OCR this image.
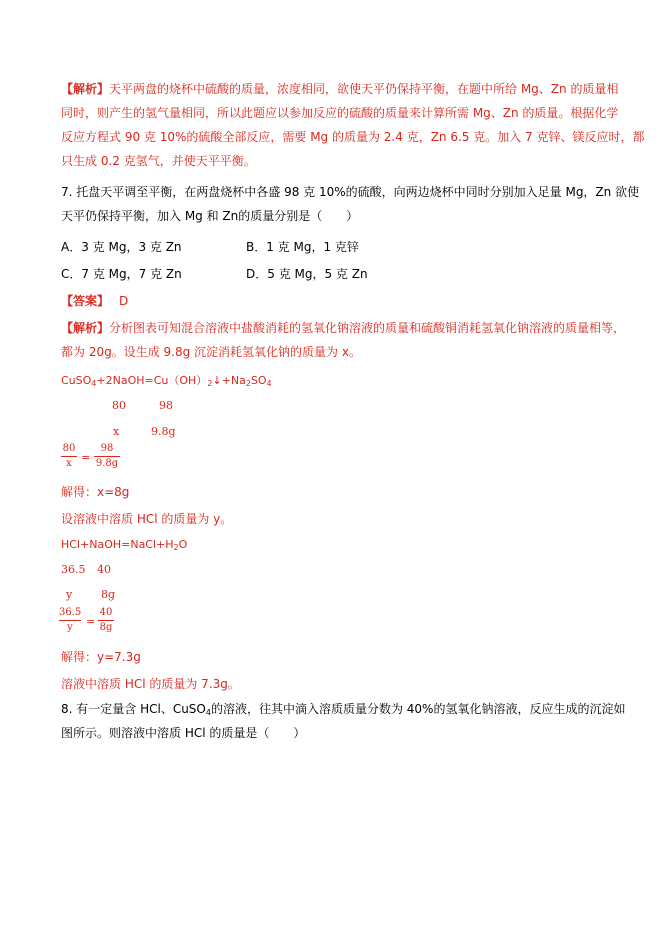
【解析】天平两盘的烧杯中硫酸的质量，浓度相同，欲使天平仍保持平衡，在题中所给 Mg、Zn 的质量相
同时，则产生的氢气量相同，所以此题应以参加反应的硫酸的质量来计算所需 Mg、Zn 的质量。根据化学
反应方程式 90 克 10%的硫酸全部反应，需要 Mg 的质量为 2.4 克，Zn 6.5 克。加入 7 克锌、镁反应时，都
只生成 0.2 克氢气，并使天平平衡。
7. 托盘天平调至平衡，在两盘烧杯中各盛 98 克 10%的硫酸，向两边烧杯中同时分别加入足量 Mg，Zn 欲使
天平仍保持平衡，加入 Mg 和 Zn的质量分别是（　　）
A．3 克 Mg，3 克 Zn	B．1 克 Mg，1 克锌
C．7 克 Mg，7 克 Zn	D．5 克 Mg，5 克 Zn
【答案】 D
【解析】分析图表可知混合溶液中盐酸消耗的氢氧化钠溶液的质量和硫酸铜消耗氢氧化钠溶液的质量相等，
都为 20g。设生成 9.8g 沉淀消耗氢氧化钠的质量为 x。
$CuSO_4+2NaOH=Cu(OH)_2↓+Na_2SO_4$
80	98
x	9.8g
80
x =
98
9.8g
解得：x=8g
设溶液中溶质 HCl 的质量为 y。
$HCl+NaOH=NaCl+H_2O$
36.5 40
y	8g
36.5
y	=
40
8g
解得：y=7.3g
溶液中溶质 HCl 的质量为 7.3g。
8. 有一定量含 HCl、CuSO$_4$的溶液，往其中滴入溶质质量分数为 40%的氢氧化钠溶液，反应生成的沉淀如
图所示。则溶液中溶质 HCl 的质量是（　　）
